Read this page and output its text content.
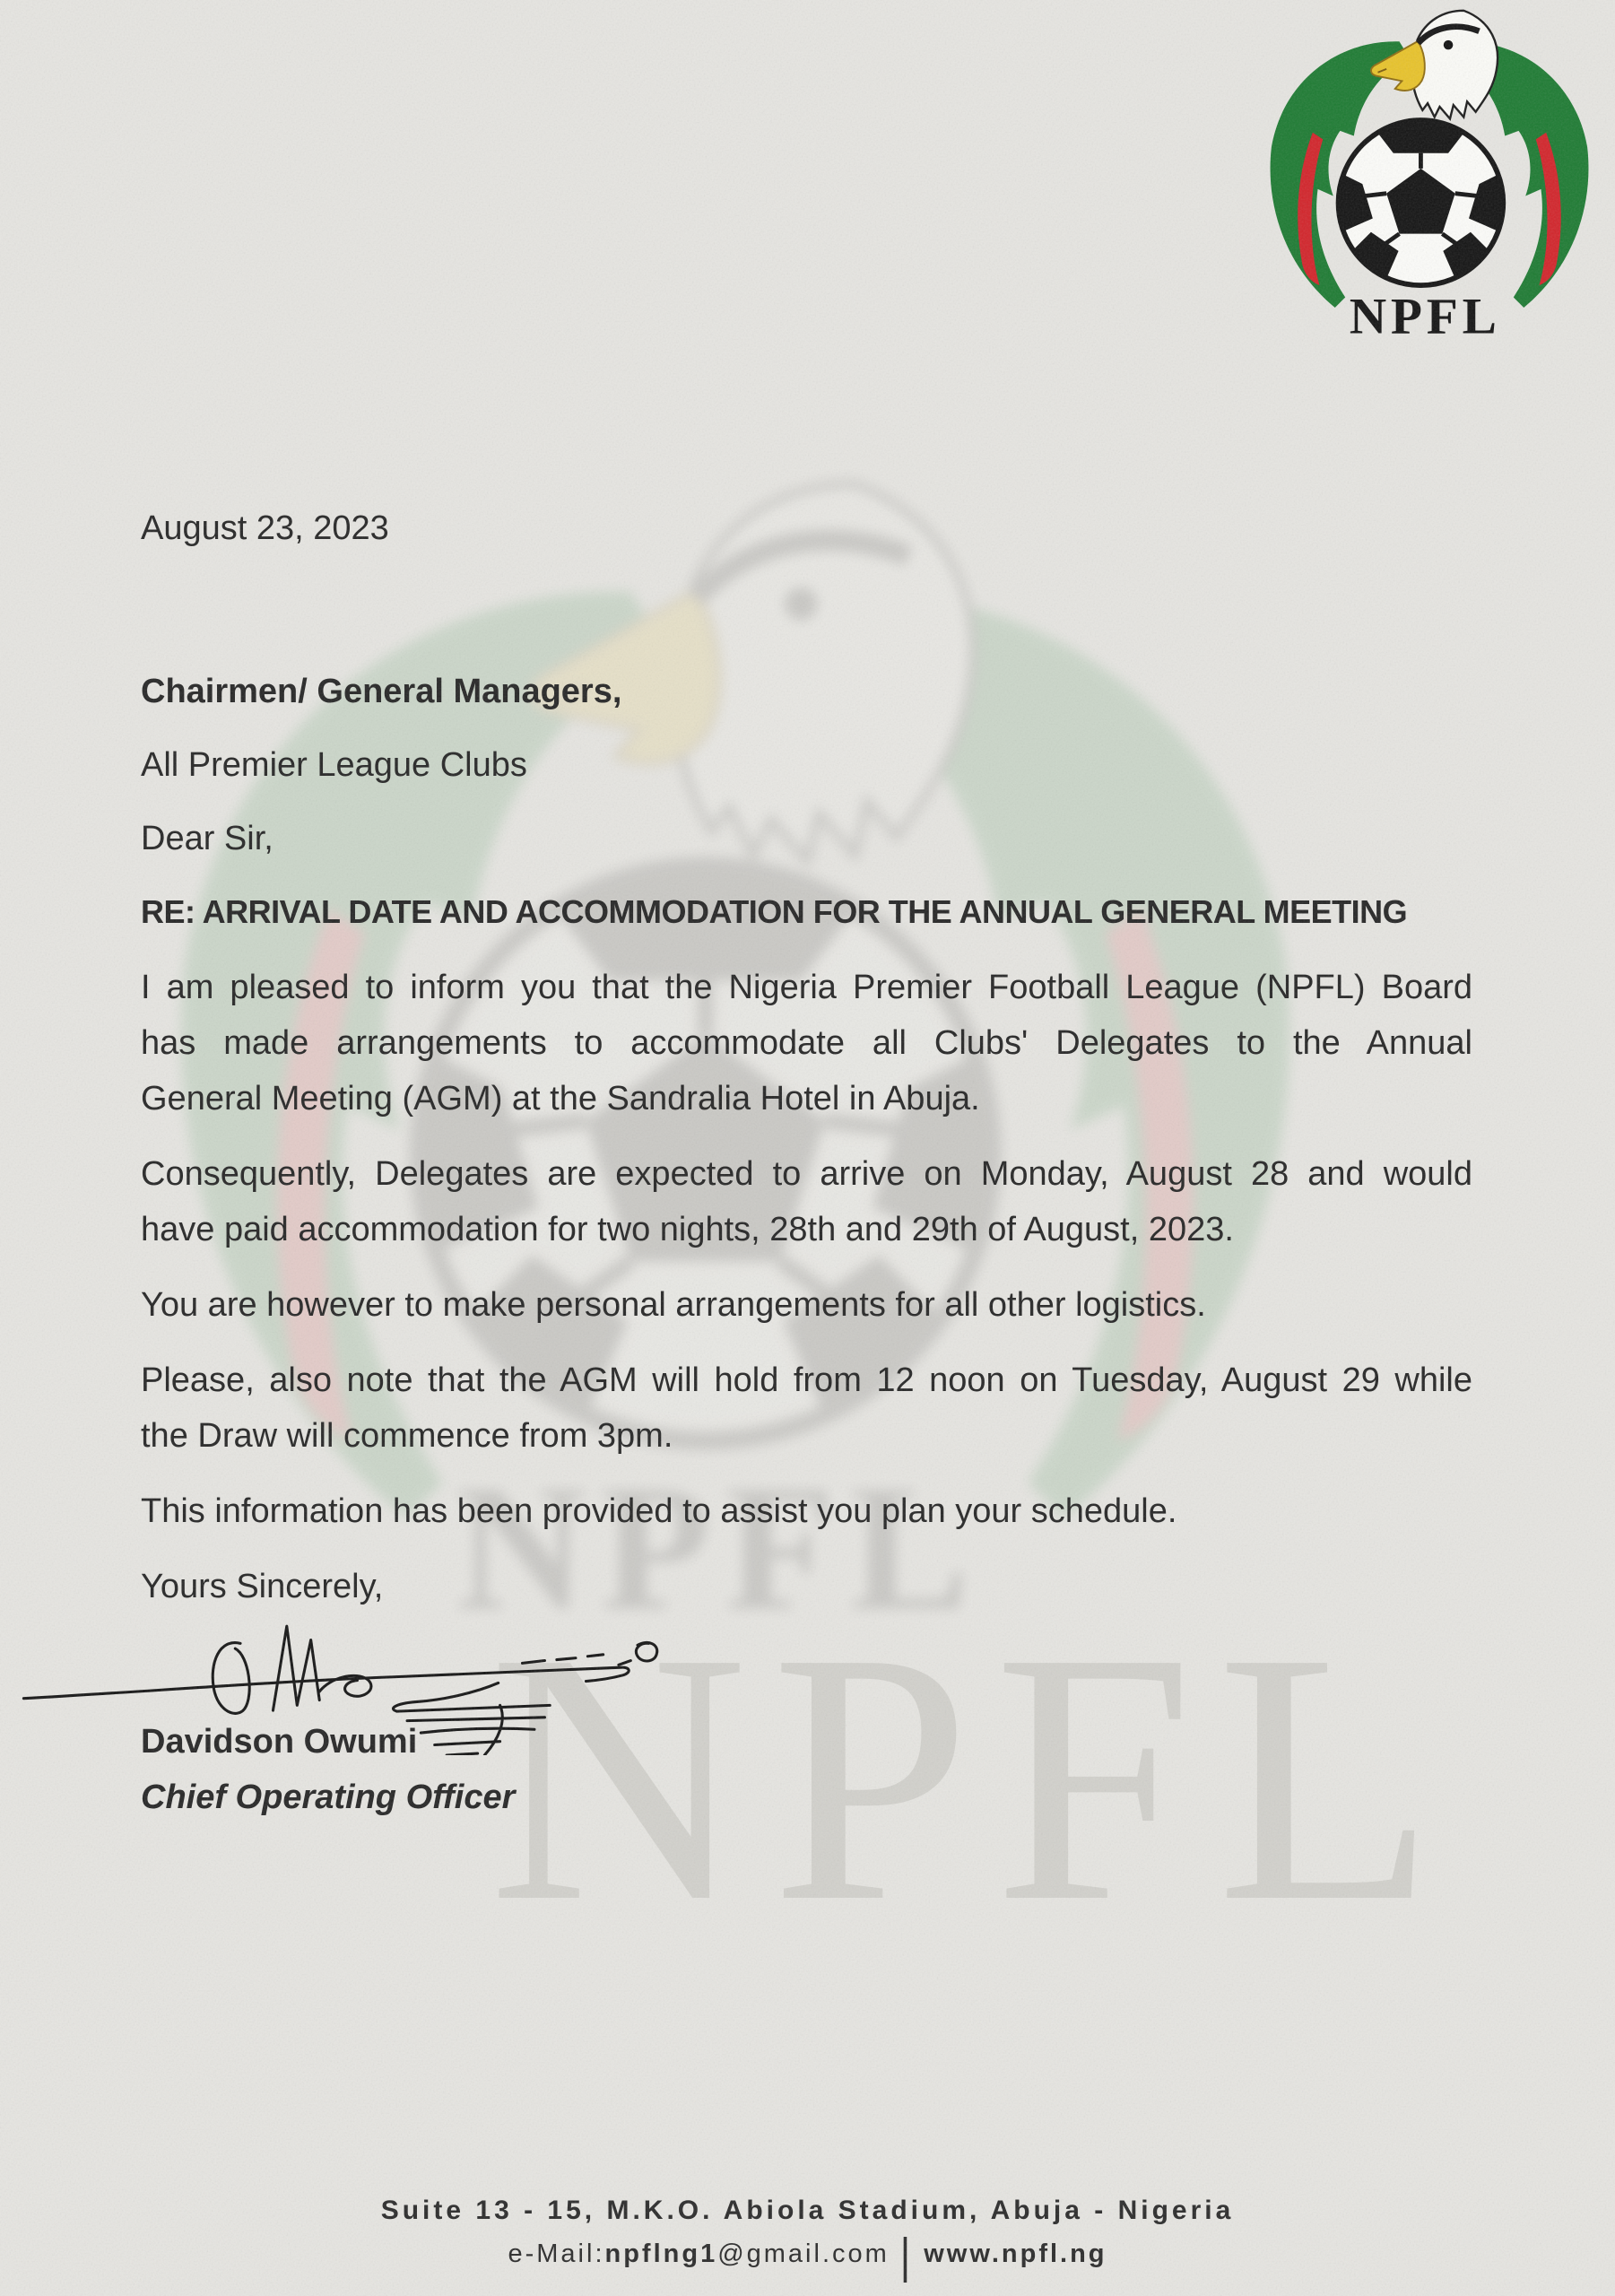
NPFL
August 23, 2023
Chairmen/ General Managers,
All Premier League Clubs
Dear Sir,
RE: ARRIVAL DATE AND ACCOMMODATION FOR THE ANNUAL GENERAL MEETING
I am pleased to inform you that the Nigeria Premier Football League (NPFL) Board
has made arrangements to accommodate all Clubs' Delegates to the Annual
General Meeting (AGM) at the Sandralia Hotel in Abuja.
Consequently, Delegates are expected to arrive on Monday, August 28 and would
have paid accommodation for two nights, 28th and 29th of August, 2023.
You are however to make personal arrangements for all other logistics.
Please, also note that the AGM will hold from 12 noon on Tuesday, August 29 while
the Draw will commence from 3pm.
This information has been provided to assist you plan your schedule.
Yours Sincerely,
Davidson Owumi
Chief Operating Officer
Suite 13 - 15, M.K.O. Abiola Stadium, Abuja - Nigeria
e-Mail:npflng1@gmail.com | www.npfl.ng
